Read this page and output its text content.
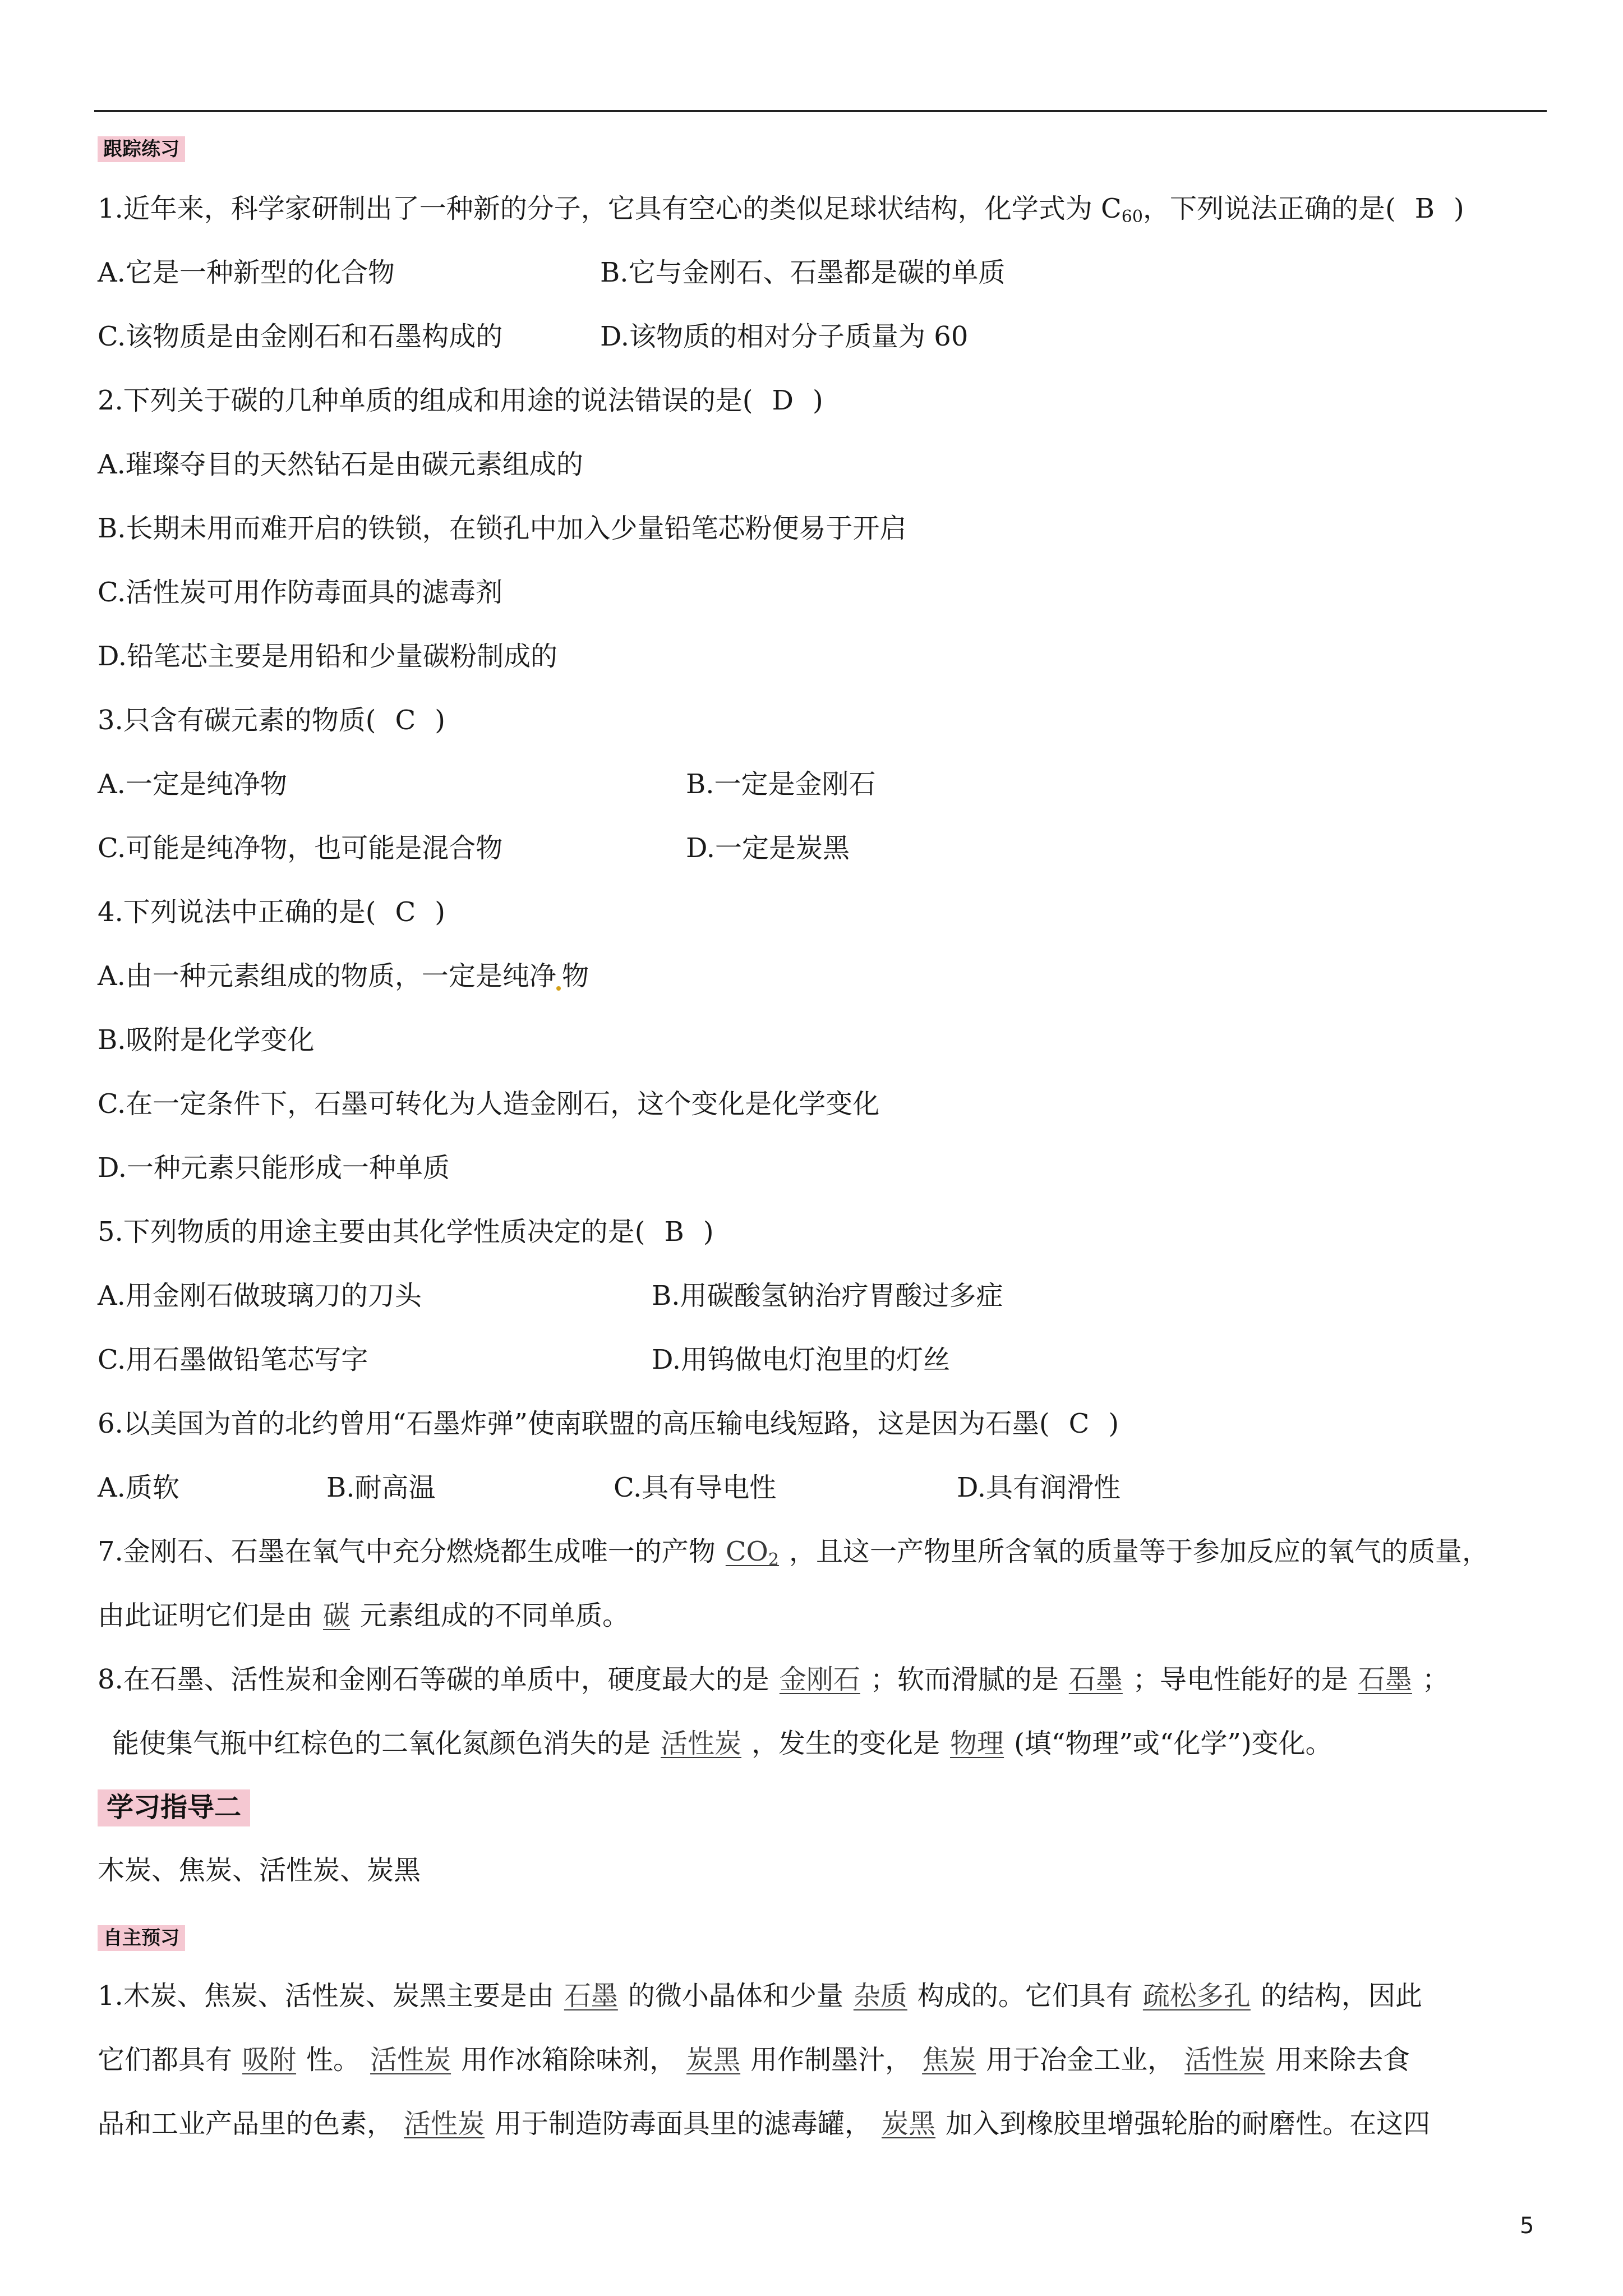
跟踪练习
1.近年来，科学家研制出了一种新的分子，它具有空心的类似足球状结构，化学式为 $C_{60}$，下列说法正确的是( B )
A.它是一种新型的化合物	B.它与金刚石、石墨都是碳的单质
C.该物质是由金刚石和石墨构成的	D.该物质的相对分子质量为 60
2.下列关于碳的几种单质的组成和用途的说法错误的是( D )
A.璀璨夺目的天然钻石是由碳元素组成的
B.长期未用而难开启的铁锁，在锁孔中加入少量铅笔芯粉便易于开启
C.活性炭可用作防毒面具的滤毒剂
D.铅笔芯主要是用铅和少量碳粉制成的
3.只含有碳元素的物质( C )
A.一定是纯净物	B.一定是金刚石
C.可能是纯净物，也可能是混合物	D.一定是炭黑
4.下列说法中正确的是( C )
A.由一种元素组成的物质，一定是纯净 物
B.吸附是化学变化
C.在一定条件下，石墨可转化为人造金刚石，这个变化是化学变化
D.一种元素只能形成一种单质
5.下列物质的用途主要由其化学性质决定的是( B )
A.用金刚石做玻璃刀的刀头	B.用碳酸氢钠治疗胃酸过多症
C.用石墨做铅笔芯写字	D.用钨做电灯泡里的灯丝
6.以美国为首的北约曾用“石墨炸弹”使南联盟的高压输电线短路，这是因为石墨( C )
A.质软	B.耐高温	C.具有导电性	D.具有润滑性
7.金刚石、石墨在氧气中充分燃烧都生成唯一的产物 $CO_2$ ，且这一产物里所含氧的质量等于参加反应的氧气的质量，
由此证明它们是由 碳 元素组成的不同单质。
8.在石墨、活性炭和金刚石等碳的单质中，硬度最大的是 金刚石 ；软而滑腻的是 石墨 ；导电性能好的是 石墨 ；
能使集气瓶中红棕色的二氧化氮颜色消失的是 活性炭 ，发生的变化是 物理 (填“物理”或“化学”)变化。
学习指导二
木炭、焦炭、活性炭、炭黑
自主预习
1.木炭、焦炭、活性炭、炭黑主要是由 石墨 的微小晶体和少量 杂质 构成的。它们具有 疏松多孔 的结构，因此
它们都具有 吸附 性。 活性炭 用作冰箱除味剂， 炭黑 用作制墨汁， 焦炭 用于冶金工业， 活性炭 用来除去食
品和工业产品里的色素， 活性炭 用于制造防毒面具里的滤毒罐， 炭黑 加入到橡胶里增强轮胎的耐磨性。在这四
5
